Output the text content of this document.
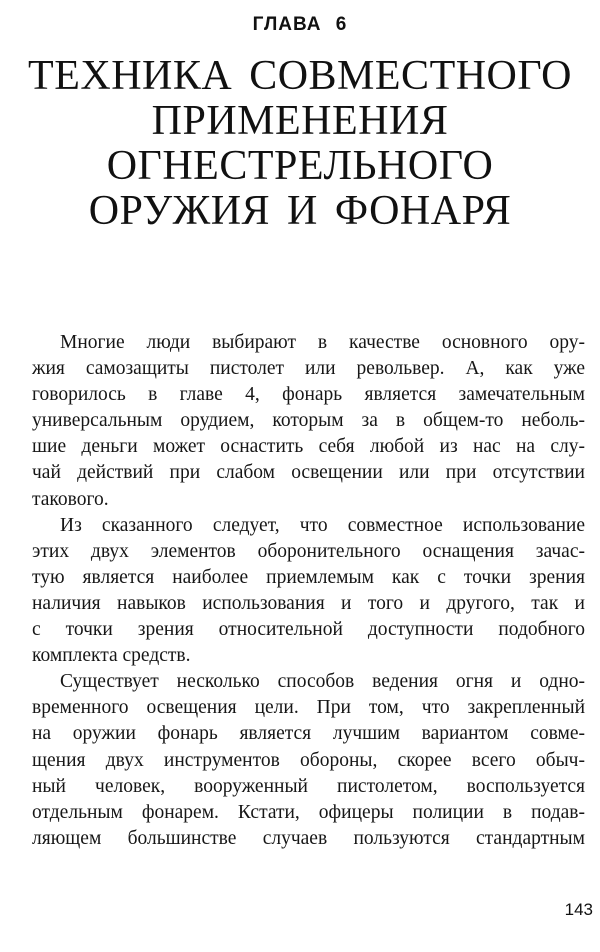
ГЛАВА 6
ТЕХНИКА СОВМЕСТНОГО
ПРИМЕНЕНИЯ
ОГНЕСТРЕЛЬНОГО
ОРУЖИЯ И ФОНАРЯ
Многие люди выбирают в качестве основного ору-
жия самозащиты пистолет или револьвер. А, как уже
говорилось в главе 4, фонарь является замечательным
универсальным орудием, которым за в общем-то неболь-
шие деньги может оснастить себя любой из нас на слу-
чай действий при слабом освещении или при отсутствии
такового.
Из сказанного следует, что совместное использование
этих двух элементов оборонительного оснащения зачас-
тую является наиболее приемлемым как с точки зрения
наличия навыков использования и того и другого, так и
с точки зрения относительной доступности подобного
комплекта средств.
Существует несколько способов ведения огня и одно-
временного освещения цели. При том, что закрепленный
на оружии фонарь является лучшим вариантом совме-
щения двух инструментов обороны, скорее всего обыч-
ный человек, вооруженный пистолетом, воспользуется
отдельным фонарем. Кстати, офицеры полиции в подав-
ляющем большинстве случаев пользуются стандартным
143
